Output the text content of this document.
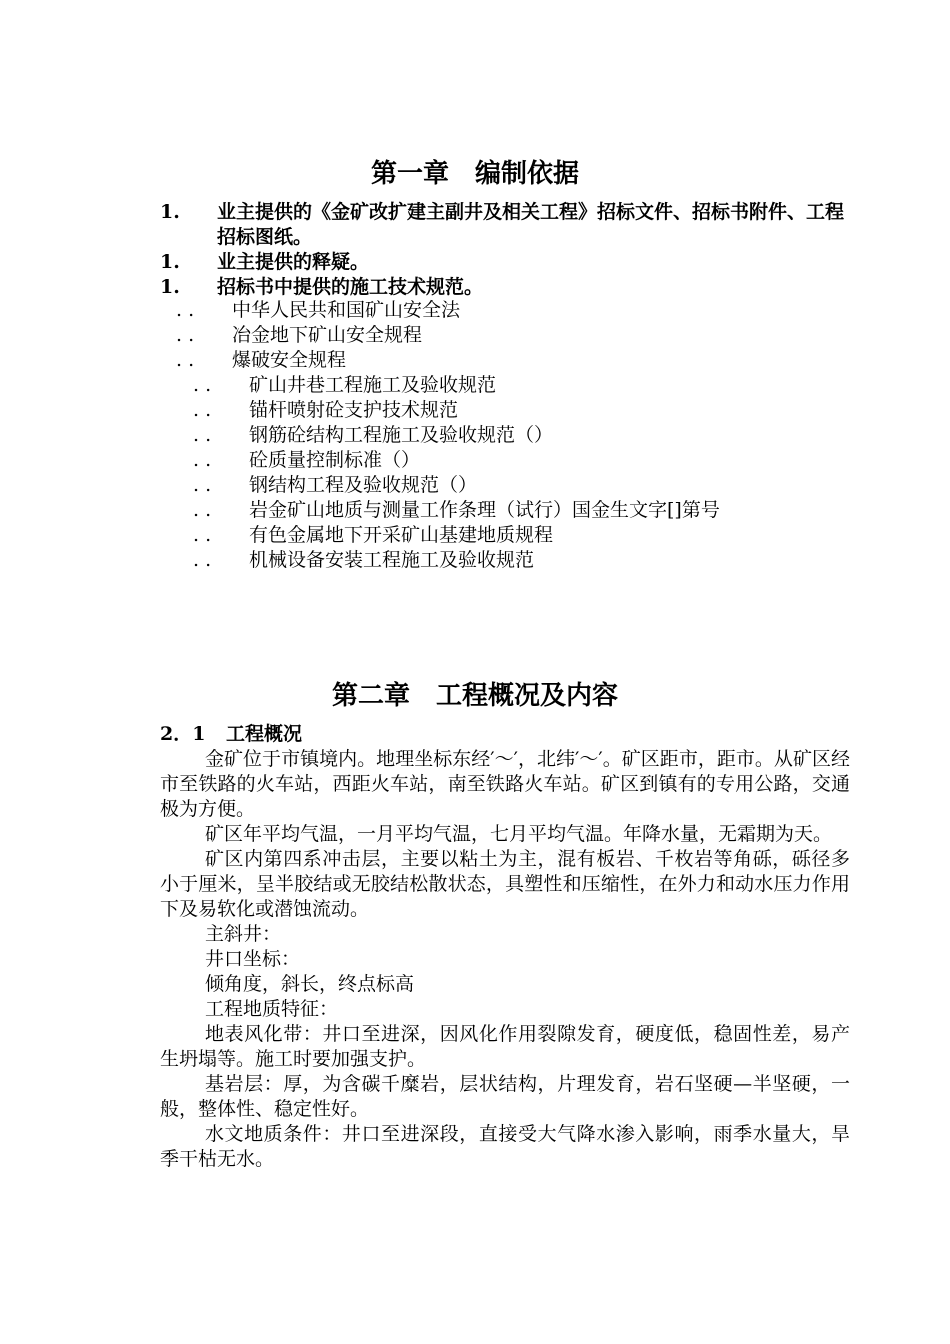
第一章　编制依据
1. 业主提供的《金矿改扩建主副井及相关工程》招标文件、招标书附件、工程招标图纸。
1. 业主提供的释疑。
1. 招标书中提供的施工技术规范。
. . 中华人民共和国矿山安全法
. . 冶金地下矿山安全规程
. . 爆破安全规程
. . 矿山井巷工程施工及验收规范
. . 锚杆喷射砼支护技术规范
. . 钢筋砼结构工程施工及验收规范（）
. . 砼质量控制标准（）
. . 钢结构工程及验收规范（）
. . 岩金矿山地质与测量工作条理（试行）国金生文字[]第号
. . 有色金属地下开采矿山基建地质规程
. . 机械设备安装工程施工及验收规范
第二章　工程概况及内容
2．1 工程概况

金矿位于市镇境内。地理坐标东经′～′，北纬′～′。矿区距市，距市。从矿区经市至铁路的火车站，西距火车站，南至铁路火车站。矿区到镇有的专用公路，交通极为方便。

矿区年平均气温，一月平均气温，七月平均气温。年降水量，无霜期为天。

矿区内第四系冲击层，主要以粘土为主，混有板岩、千枚岩等角砾，砾径多小于厘米，呈半胶结或无胶结松散状态，具塑性和压缩性，在外力和动水压力作用下及易软化或潜蚀流动。

主斜井：

井口坐标：

倾角度，斜长，终点标高

工程地质特征：

地表风化带：井口至进深，因风化作用裂隙发育，硬度低，稳固性差，易产生坍塌等。施工时要加强支护。

基岩层：厚，为含碳千糜岩，层状结构，片理发育，岩石坚硬—半坚硬，一般，整体性、稳定性好。

水文地质条件：井口至进深段，直接受大气降水渗入影响，雨季水量大，旱季干枯无水。
